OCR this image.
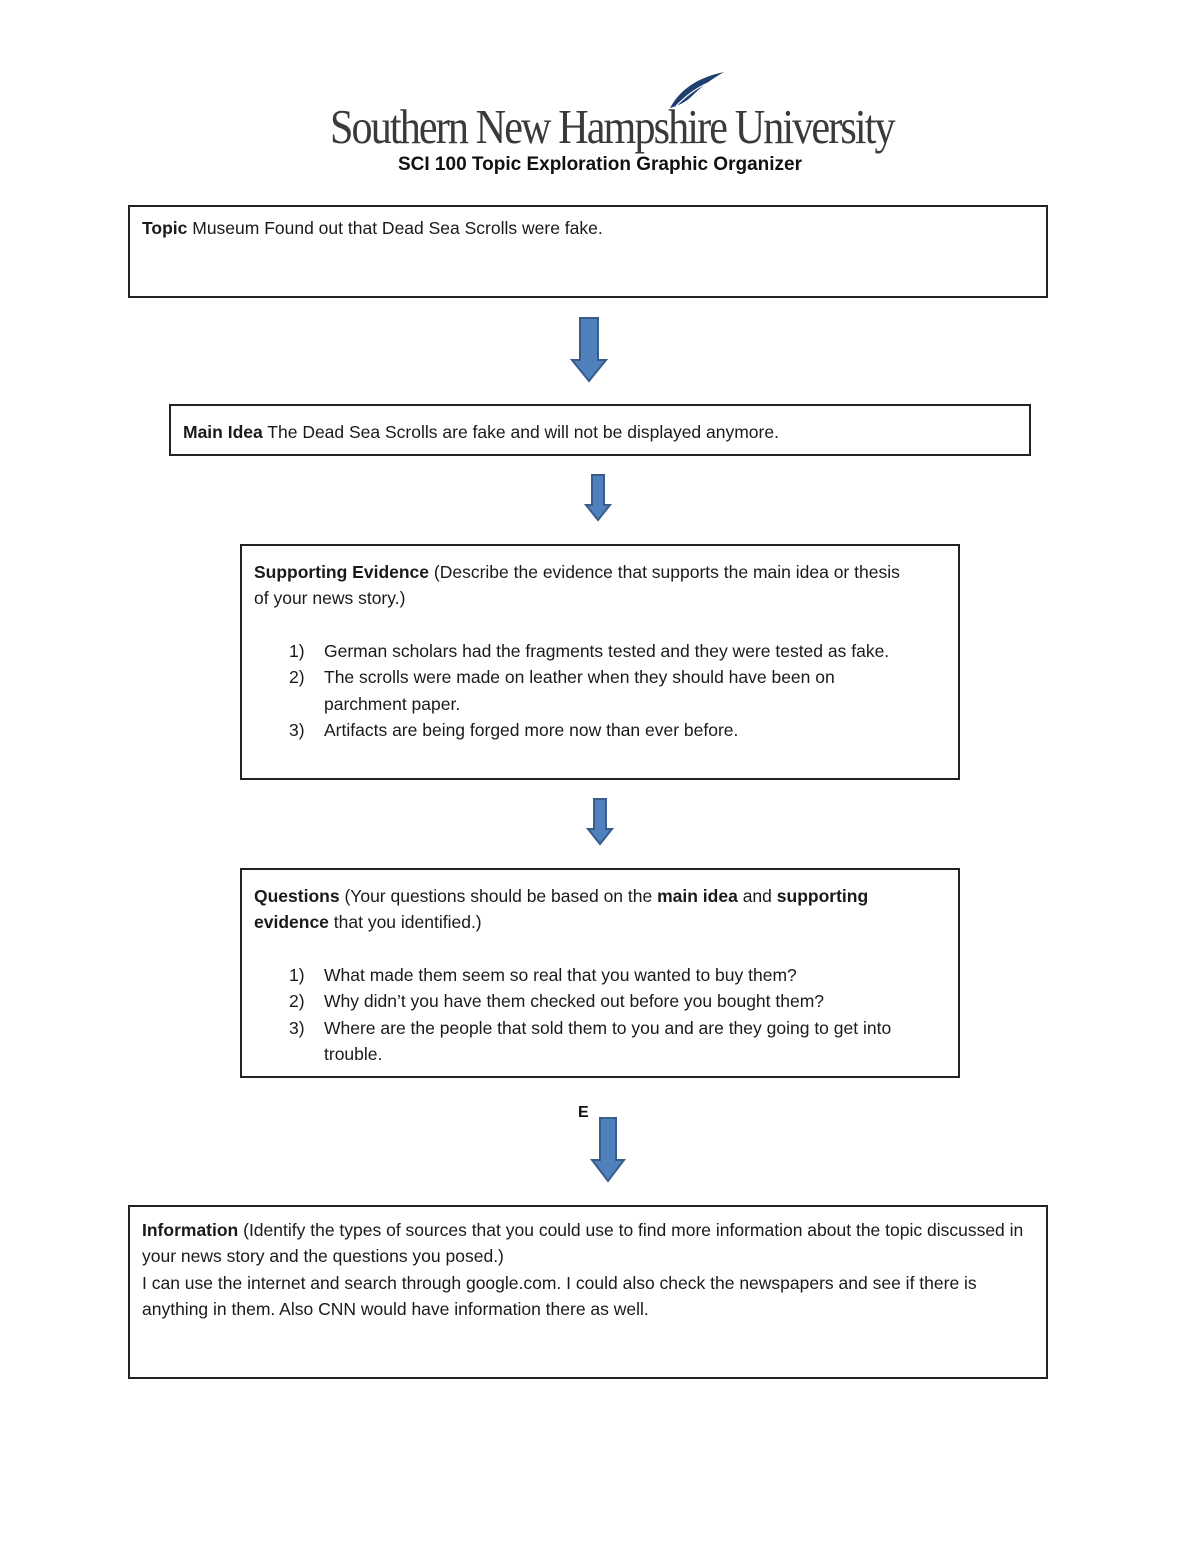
Southern New Hampshire University
SCI 100 Topic Exploration Graphic Organizer

Topic Museum Found out that Dead Sea Scrolls were fake.

Main Idea The Dead Sea Scrolls are fake and will not be displayed anymore.

Supporting Evidence (Describe the evidence that supports the main idea or thesis of your news story.)

1) German scholars had the fragments tested and they were tested as fake.
2) The scrolls were made on leather when they should have been on parchment paper.
3) Artifacts are being forged more now than ever before.

Questions (Your questions should be based on the main idea and supporting evidence that you identified.)

1) What made them seem so real that you wanted to buy them?
2) Why didn’t you have them checked out before you bought them?
3) Where are the people that sold them to you and are they going to get into trouble.
E

Information (Identify the types of sources that you could use to find more information about the topic discussed in your news story and the questions you posed.)

I can use the internet and search through google.com. I could also check the newspapers and see if there is anything in them. Also CNN would have information there as well.
